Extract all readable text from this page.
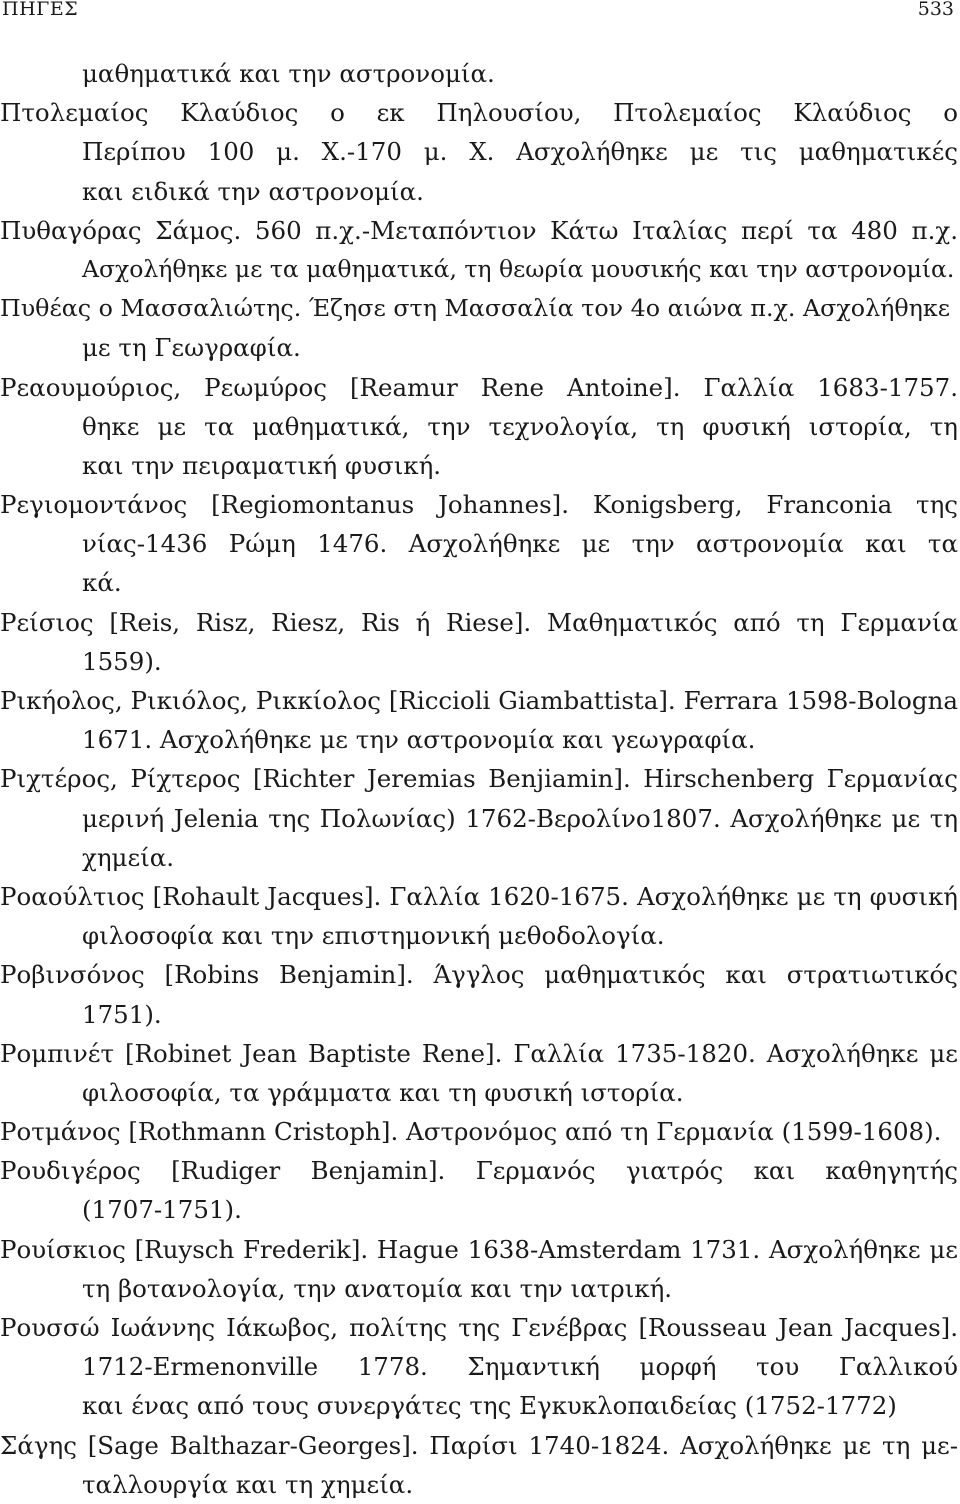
ΠΗΓΕΣ	533
μαθηματικά και την αστρονομία.
Πτολεμαίος Κλαύδιος ο εκ Πηλουσίου, Πτολεμαίος Κλαύδιος ο
Περίπου 100 μ. Χ.-170 μ. Χ. Ασχολήθηκε με τις μαθηματικές
και ειδικά την αστρονομία.
Πυθαγόρας Σάμος. 560 π.χ.-Μεταπόντιον Κάτω Ιταλίας περί τα 480 π.χ.
Ασχολήθηκε με τα μαθηματικά, τη θεωρία μουσικής και την αστρονομία.
Πυθέας ο Μασσαλιώτης. Έζησε στη Μασσαλία τον 4ο αιώνα π.χ. Ασχολήθηκε
με τη Γεωγραφία.
Ρεαουμούριος, Ρεωμύρος [Reamur Rene Antoine]. Γαλλία 1683-1757.
θηκε με τα μαθηματικά, την τεχνολογία, τη φυσική ιστορία, τη
και την πειραματική φυσική.
Ρεγιομοντάνος [Regiomontanus Johannes]. Konigsberg, Franconia της
νίας-1436 Ρώμη 1476. Ασχολήθηκε με την αστρονομία και τα
κά.
Ρείσιος [Reis, Risz, Riesz, Ris ή Riese]. Μαθηματικός από τη Γερμανία
1559).
Ρικήολος, Ρικιόλος, Ρικκίολος [Riccioli Giambattista]. Ferrara 1598-Bologna
1671. Ασχολήθηκε με την αστρονομία και γεωγραφία.
Ριχτέρος, Ρίχτερος [Richter Jeremias Benjiamin]. Hirschenberg Γερμανίας
μερινή Jelenia της Πολωνίας) 1762-Βερολίνο1807. Ασχολήθηκε με τη
χημεία.
Ροαούλτιος [Rohault Jacques]. Γαλλία 1620-1675. Ασχολήθηκε με τη φυσική
φιλοσοφία και την επιστημονική μεθοδολογία.
Ροβινσόνος [Robins Benjamin]. Άγγλος μαθηματικός και στρατιωτικός
1751).
Ρομπινέτ [Robinet Jean Baptiste Rene]. Γαλλία 1735-1820. Ασχολήθηκε με
φιλοσοφία, τα γράμματα και τη φυσική ιστορία.
Ροτμάνος [Rothmann Cristoph]. Αστρονόμος από τη Γερμανία (1599-1608).
Ρουδιγέρος [Rudiger Benjamin]. Γερμανός γιατρός και καθηγητής
(1707-1751).
Ρουίσκιος [Ruysch Frederik]. Hague 1638-Amsterdam 1731. Ασχολήθηκε με
τη βοτανολογία, την ανατομία και την ιατρική.
Ρουσσώ Ιωάννης Ιάκωβος, πολίτης της Γενέβρας [Rousseau Jean Jacques].
1712-Ermenonville 1778. Σημαντική μορφή του Γαλλικού
και ένας από τους συνεργάτες της Εγκυκλοπαιδείας (1752-1772)
Σάγης [Sage Balthazar-Georges]. Παρίσι 1740-1824. Ασχολήθηκε με τη με-
ταλλουργία και τη χημεία.
